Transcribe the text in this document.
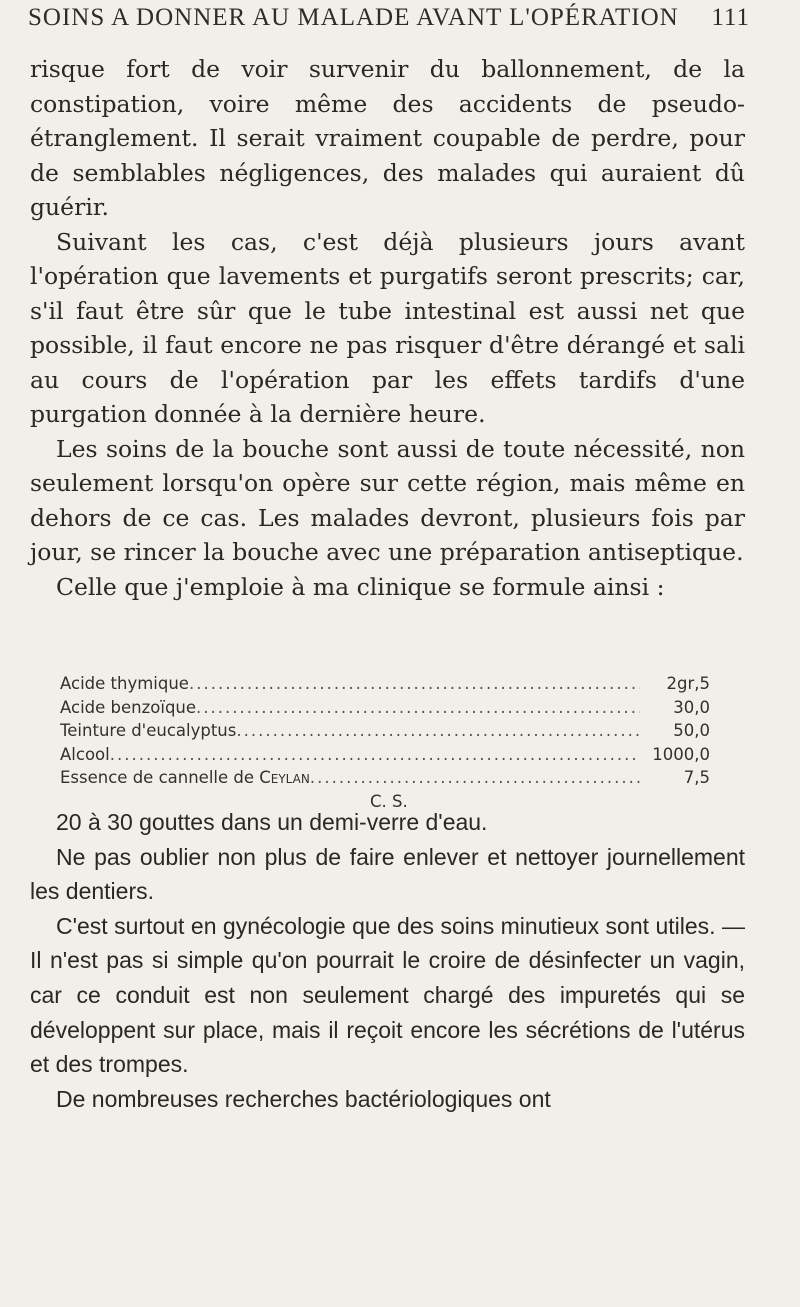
SOINS A DONNER AU MALADE AVANT L'OPÉRATION 111

risque fort de voir survenir du ballonnement, de la constipation, voire même des accidents de pseudo-étranglement. Il serait vraiment coupable de perdre, pour de semblables négligences, des malades qui auraient dû guérir.

Suivant les cas, c'est déjà plusieurs jours avant l'opération que lavements et purgatifs seront prescrits; car, s'il faut être sûr que le tube intestinal est aussi net que possible, il faut encore ne pas risquer d'être dérangé et sali au cours de l'opération par les effets tardifs d'une purgation donnée à la dernière heure.

Les soins de la bouche sont aussi de toute nécessité, non seulement lorsqu'on opère sur cette région, mais même en dehors de ce cas. Les malades devront, plusieurs fois par jour, se rincer la bouche avec une préparation antiseptique.

Celle que j'emploie à ma clinique se formule ainsi :

Acide thymique .....	2gr,5
Acide benzoïque .....	30,0
Teinture d'eucalyptus .....	50,0
Alcool .....	1000,0
Essence de cannelle de Ceylan .....	7,5
C. S.

20 à 30 gouttes dans un demi-verre d'eau.

Ne pas oublier non plus de faire enlever et nettoyer journellement les dentiers.

C'est surtout en gynécologie que des soins minutieux sont utiles. — Il n'est pas si simple qu'on pourrait le croire de désinfecter un vagin, car ce conduit est non seulement chargé des impuretés qui se développent sur place, mais il reçoit encore les sécrétions de l'utérus et des trompes.

De nombreuses recherches bactériologiques ont
